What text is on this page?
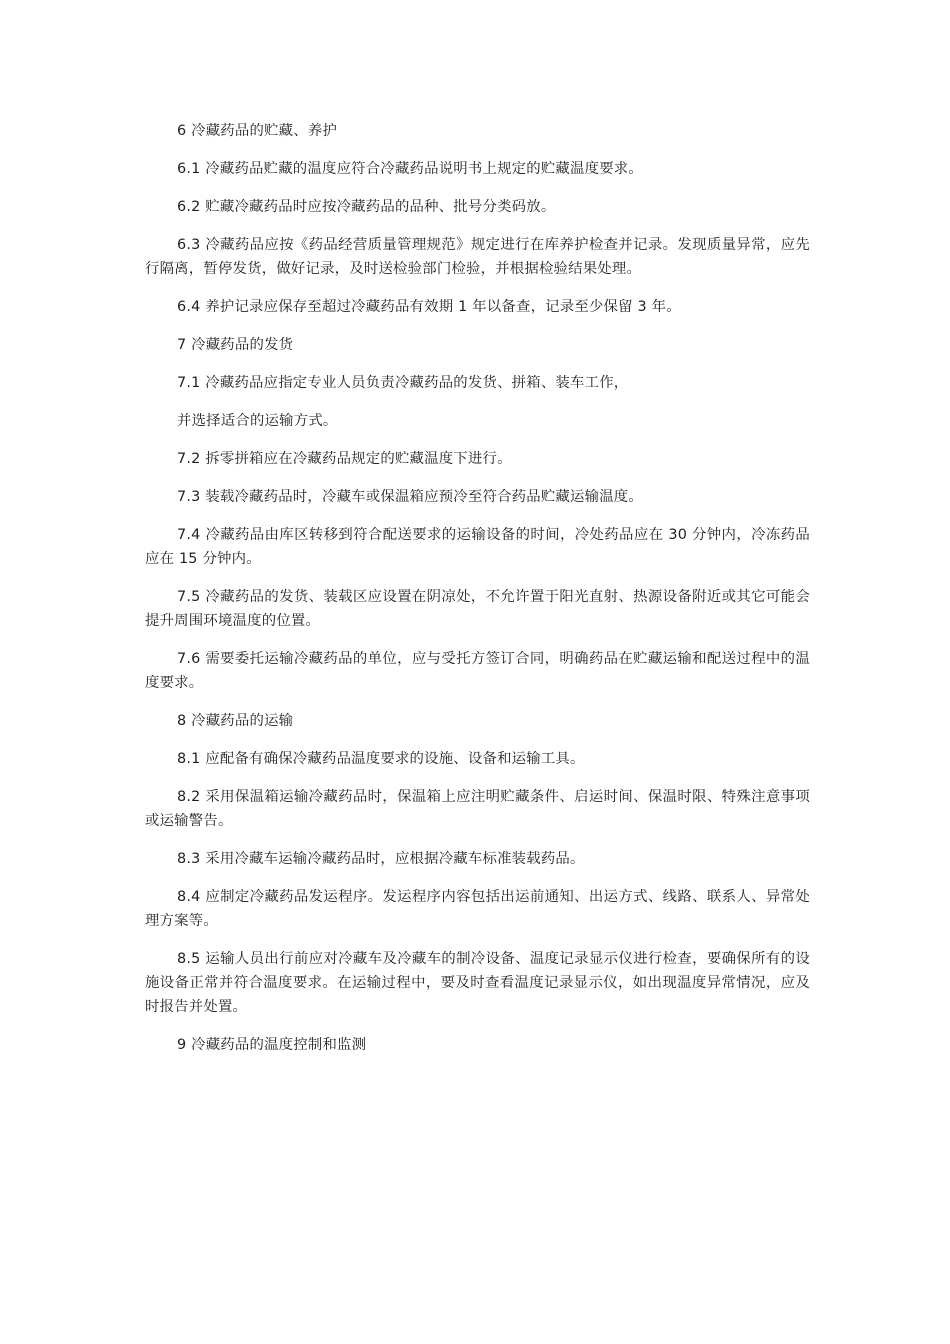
6 冷藏药品的贮藏、养护

6.1 冷藏药品贮藏的温度应符合冷藏药品说明书上规定的贮藏温度要求。

6.2 贮藏冷藏药品时应按冷藏药品的品种、批号分类码放。

6.3 冷藏药品应按《药品经营质量管理规范》规定进行在库养护检查并记录。发现质量异常，应先行隔离，暂停发货，做好记录，及时送检验部门检验，并根据检验结果处理。

6.4 养护记录应保存至超过冷藏药品有效期 1 年以备查，记录至少保留 3 年。

7 冷藏药品的发货

7.1 冷藏药品应指定专业人员负责冷藏药品的发货、拼箱、装车工作，

并选择适合的运输方式。

7.2 拆零拼箱应在冷藏药品规定的贮藏温度下进行。

7.3 装载冷藏药品时，冷藏车或保温箱应预冷至符合药品贮藏运输温度。

7.4 冷藏药品由库区转移到符合配送要求的运输设备的时间，冷处药品应在 30 分钟内，冷冻药品应在 15 分钟内。

7.5 冷藏药品的发货、装载区应设置在阴凉处，不允许置于阳光直射、热源设备附近或其它可能会提升周围环境温度的位置。

7.6 需要委托运输冷藏药品的单位，应与受托方签订合同，明确药品在贮藏运输和配送过程中的温度要求。

8 冷藏药品的运输

8.1 应配备有确保冷藏药品温度要求的设施、设备和运输工具。

8.2 采用保温箱运输冷藏药品时，保温箱上应注明贮藏条件、启运时间、保温时限、特殊注意事项或运输警告。

8.3 采用冷藏车运输冷藏药品时，应根据冷藏车标准装载药品。

8.4 应制定冷藏药品发运程序。发运程序内容包括出运前通知、出运方式、线路、联系人、异常处理方案等。

8.5 运输人员出行前应对冷藏车及冷藏车的制冷设备、温度记录显示仪进行检查，要确保所有的设施设备正常并符合温度要求。在运输过程中，要及时查看温度记录显示仪，如出现温度异常情况，应及时报告并处置。

9 冷藏药品的温度控制和监测
